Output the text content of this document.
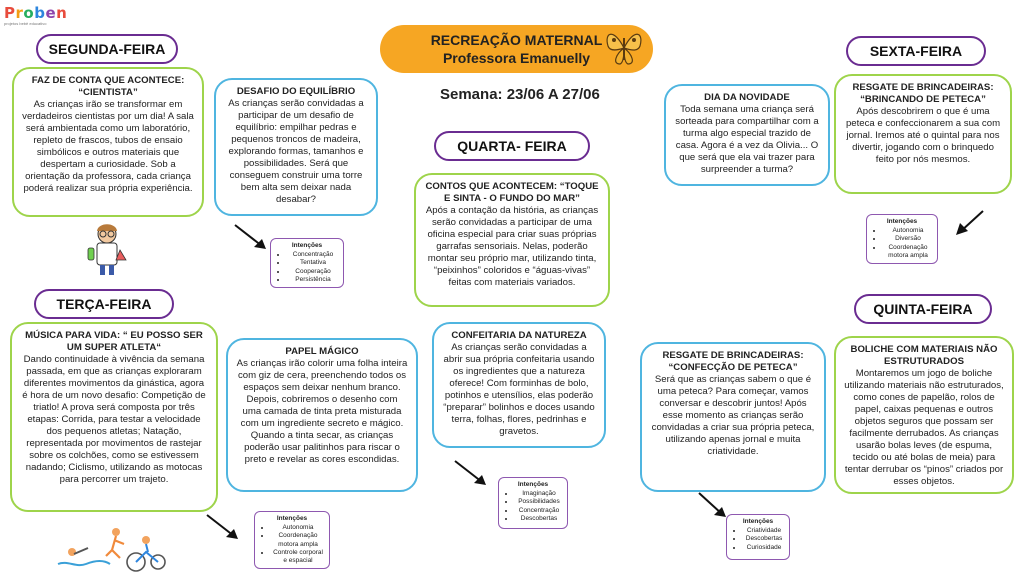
Proben
projetos bebê educativo
RECREAÇÃO MATERNAL
Professora Emanuelly
Semana: 23/06 A 27/06
SEGUNDA-FEIRA
TERÇA-FEIRA
QUARTA- FEIRA
QUINTA-FEIRA
SEXTA-FEIRA
FAZ DE CONTA QUE ACONTECE: “CIENTISTA”
As crianças irão se transformar em verdadeiros cientistas por um dia! A sala será ambientada como um laboratório, repleto de frascos, tubos de ensaio simbólicos e outros materiais que despertam a curiosidade. Sob a orientação da professora, cada criança poderá realizar sua própria experiência.
DESAFIO DO EQUILÍBRIO
As crianças serão convidadas a participar de um desafio de equilíbrio: empilhar pedras e pequenos troncos de madeira, explorando formas, tamanhos e possibilidades. Será que conseguem construir uma torre bem alta sem deixar nada desabar?
Intenções
• Concentração
• Tentativa
• Cooperação
• Persistência
MÚSICA PARA VIDA: “ EU POSSO SER UM SUPER ATLETA“
Dando continuidade à vivência da semana passada, em que as crianças exploraram diferentes movimentos da ginástica, agora é hora de um novo desafio: Competição de triatlo! A prova será composta por três etapas: Corrida, para testar a velocidade dos pequenos atletas; Natação, representada por movimentos de rastejar sobre os colchões, como se estivessem nadando; Ciclismo, utilizando as motocas para percorrer um trajeto.
PAPEL MÁGICO
As crianças irão colorir uma folha inteira com giz de cera, preenchendo todos os espaços sem deixar nenhum branco. Depois, cobriremos o desenho com uma camada de tinta preta misturada com um ingrediente secreto e mágico. Quando a tinta secar, as crianças poderão usar palitinhos para riscar o preto e revelar as cores escondidas.
Intenções
• Autonomia
• Coordenação motora ampla
• Controle corporal e espacial
CONTOS QUE ACONTECEM: “TOQUE E SINTA - O FUNDO DO MAR”
Após a contação da história, as crianças serão convidadas a participar de uma oficina especial para criar suas próprias garrafas sensoriais. Nelas, poderão montar seu próprio mar, utilizando tinta, “peixinhos” coloridos e “águas-vivas” feitas com materiais variados.
CONFEITARIA DA NATUREZA
As crianças serão convidadas a abrir sua própria confeitaria usando os ingredientes que a natureza oferece! Com forminhas de bolo, potinhos e utensílios, elas poderão “preparar” bolinhos e doces usando terra, folhas, flores, pedrinhas e gravetos.
Intenções
• Imaginação
• Possibilidades
• Concentração
• Descobertas
RESGATE DE BRINCADEIRAS: “CONFECÇÃO DE PETECA”
Será que as crianças sabem o que é uma peteca? Para começar, vamos conversar e descobrir juntos! Após esse momento as crianças serão convidadas a criar sua própria peteca, utilizando apenas jornal e muita criatividade.
BOLICHE COM MATERIAIS NÃO ESTRUTURADOS
Montaremos um jogo de boliche utilizando materiais não estruturados, como cones de papelão, rolos de papel, caixas pequenas e outros objetos seguros que possam ser facilmente derrubados. As crianças usarão bolas leves (de espuma, tecido ou até bolas de meia) para tentar derrubar os “pinos” criados por esses objetos.
Intenções
• Criatividade
• Descobertas
• Curiosidade
DIA DA NOVIDADE
Toda semana uma criança será sorteada para compartilhar com a turma algo especial trazido de casa. Agora é a vez da Olivia... O que será que ela vai trazer para surpreender a turma?
RESGATE DE BRINCADEIRAS: “BRINCANDO DE PETECA”
Após descobrirem o que é uma peteca e confeccionarem a sua com jornal. Iremos até o quintal para nos divertir, jogando com o brinquedo feito por nós mesmos.
Intenções
• Autonomia
• Diversão
• Coordenação motora ampla
